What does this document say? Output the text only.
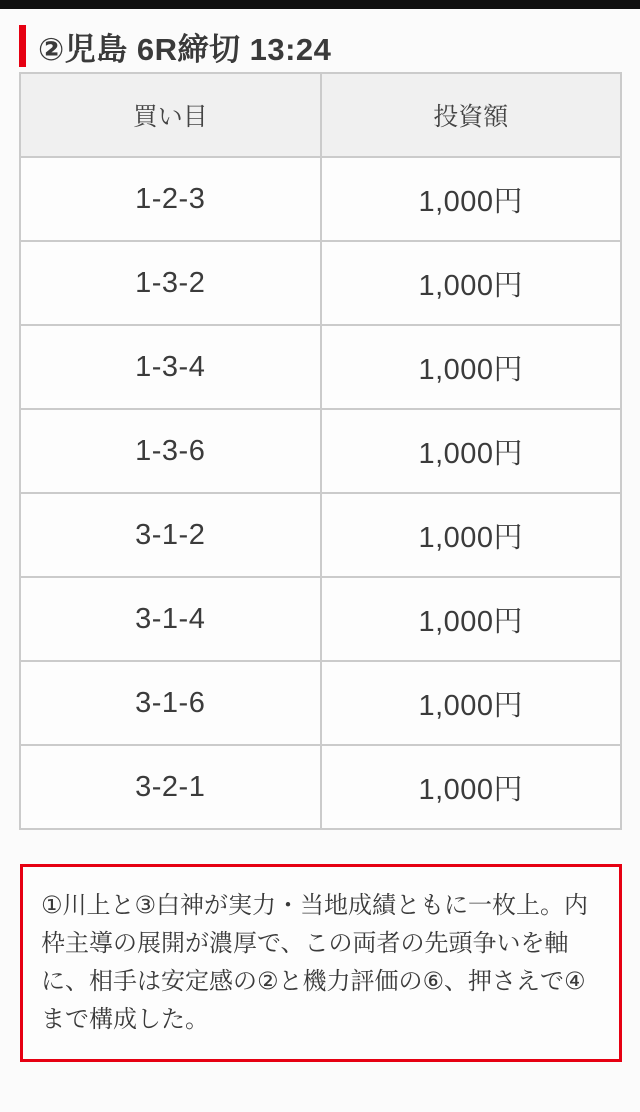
②児島 6R締切 13:24
買い目	投資額
1-2-3	1,000円
1-3-2	1,000円
1-3-4	1,000円
1-3-6	1,000円
3-1-2	1,000円
3-1-4	1,000円
3-1-6	1,000円
3-2-1	1,000円
①川上と③白神が実力・当地成績ともに一枚上。内
枠主導の展開が濃厚で、この両者の先頭争いを軸
に、相手は安定感の②と機力評価の⑥、押さえで④
まで構成した。
